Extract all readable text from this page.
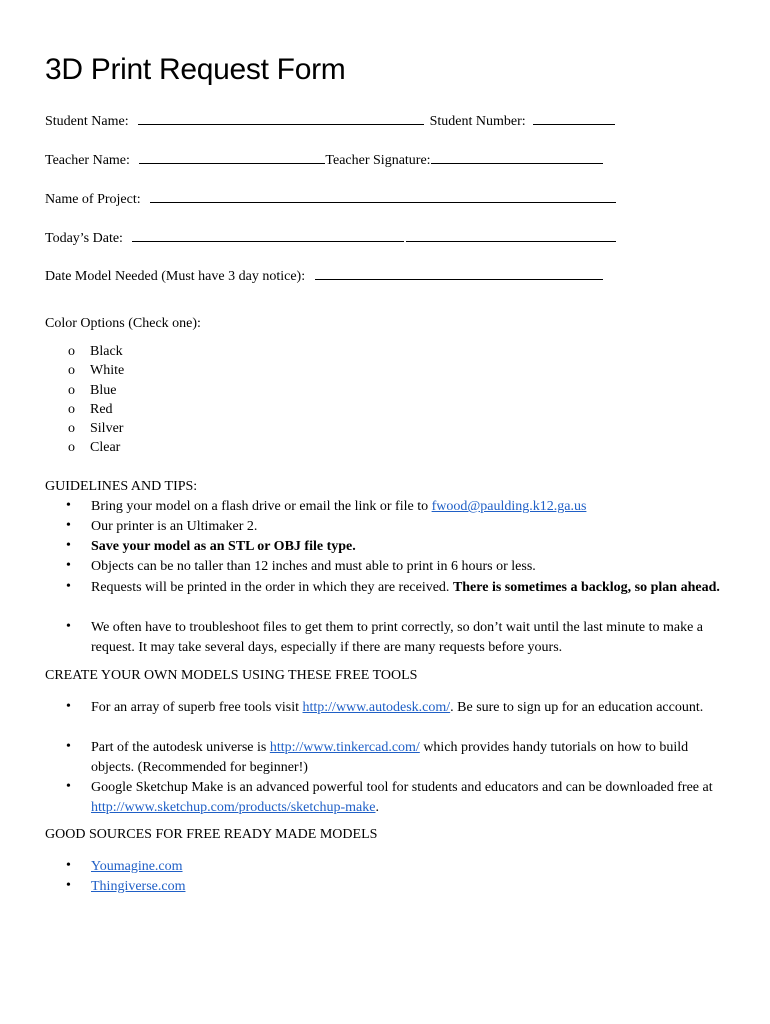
3D Print Request Form
Student Name:	Student Number:
Teacher Name:	Teacher Signature:
Name of Project:
Today’s Date:
Date Model Needed (Must have 3 day notice):
Color Options (Check one):
o Black
o White
o Blue
o Red
o Silver
o Clear
GUIDELINES AND TIPS:
• Bring your model on a flash drive or email the link or file to fwood@paulding.k12.ga.us
• Our printer is an Ultimaker 2.
• Save your model as an STL or OBJ file type.
• Objects can be no taller than 12 inches and must able to print in 6 hours or less.
• Requests will be printed in the order in which they are received. There is sometimes a backlog, so plan ahead.
• We often have to troubleshoot files to get them to print correctly, so don’t wait until the last minute to make a request. It may take several days, especially if there are many requests before yours.
CREATE YOUR OWN MODELS USING THESE FREE TOOLS
• For an array of superb free tools visit http://www.autodesk.com/. Be sure to sign up for an education account.
• Part of the autodesk universe is http://www.tinkercad.com/ which provides handy tutorials on how to build objects. (Recommended for beginner!)
• Google Sketchup Make is an advanced powerful tool for students and educators and can be downloaded free at http://www.sketchup.com/products/sketchup-make.
GOOD SOURCES FOR FREE READY MADE MODELS
• Youmagine.com
• Thingiverse.com
